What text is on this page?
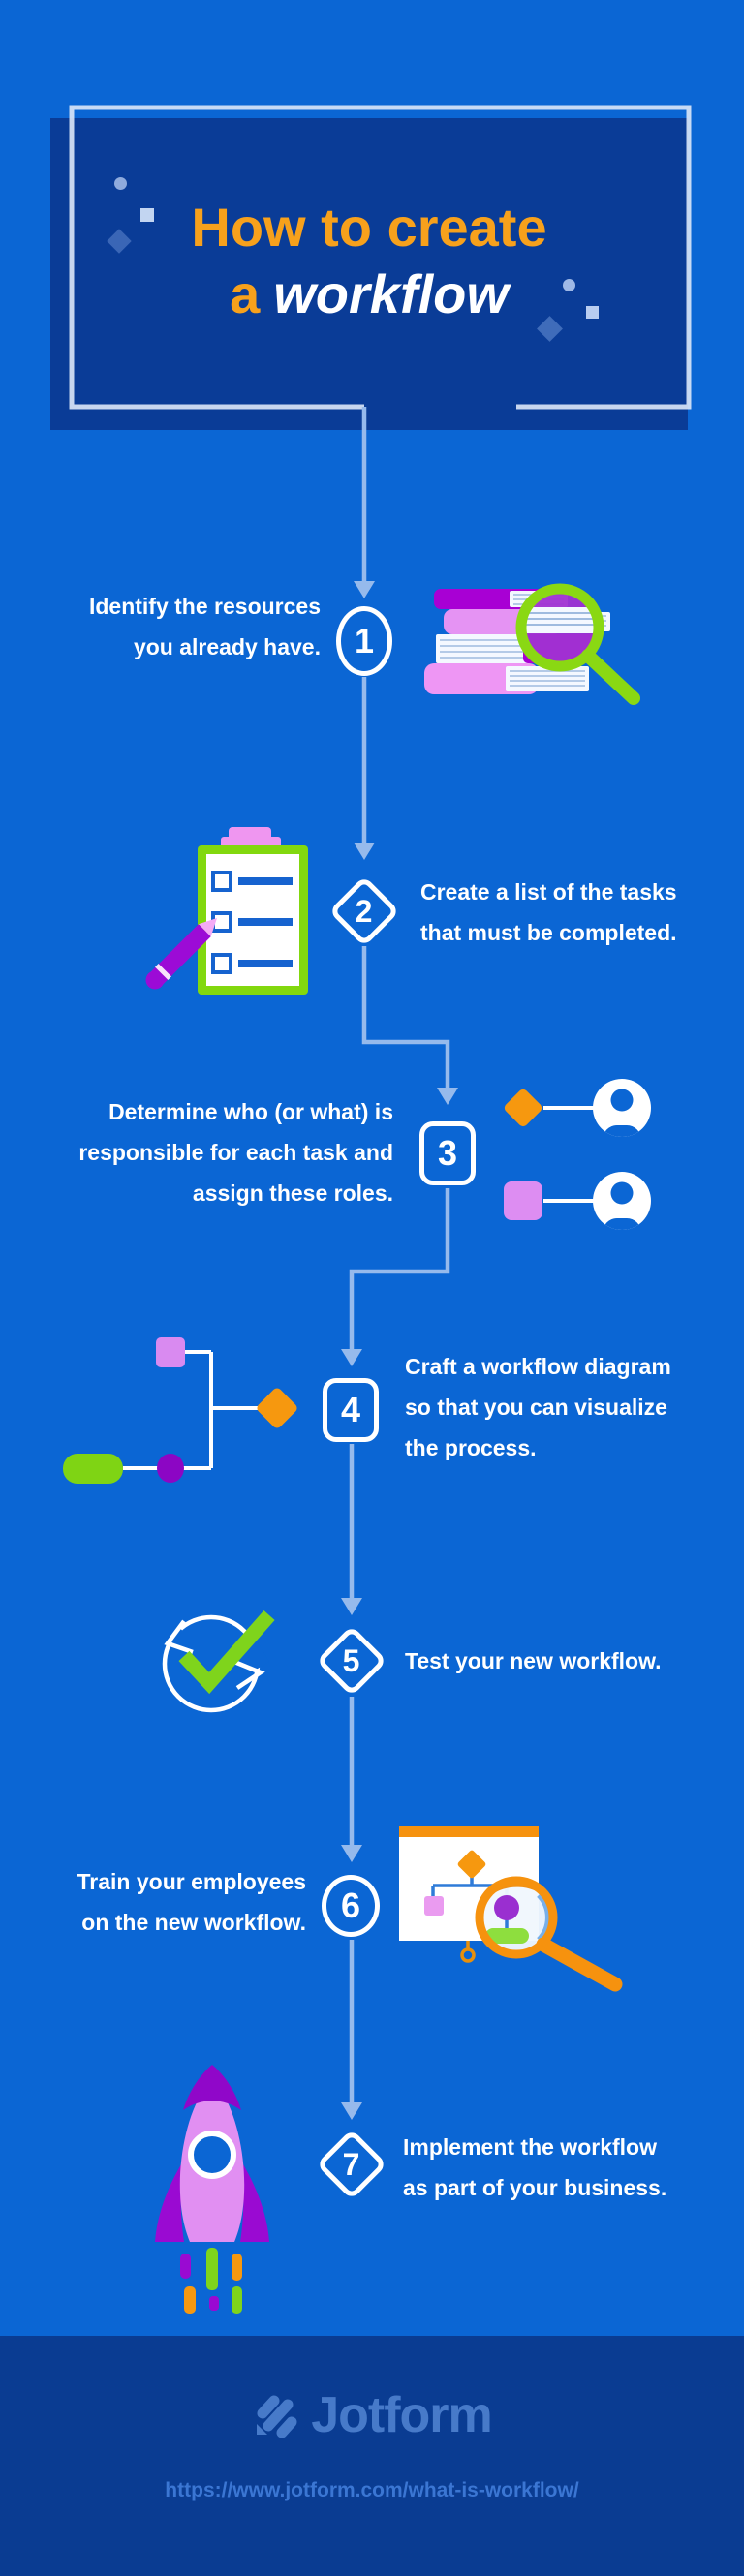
How to create
a workflow
Identify the resources
you already have. 1
Create a list of the tasks
that must be completed.
2
Determine who (or what) is
responsible for each task and
assign these roles.
3
Craft a workflow diagram
so that you can visualize
the process.
4
Test your new workflow.
5
Train your employees
on the new workflow. 6
Implement the workflow
as part of your business.
7
Jotform
https://www.jotform.com/what-is-workflow/
